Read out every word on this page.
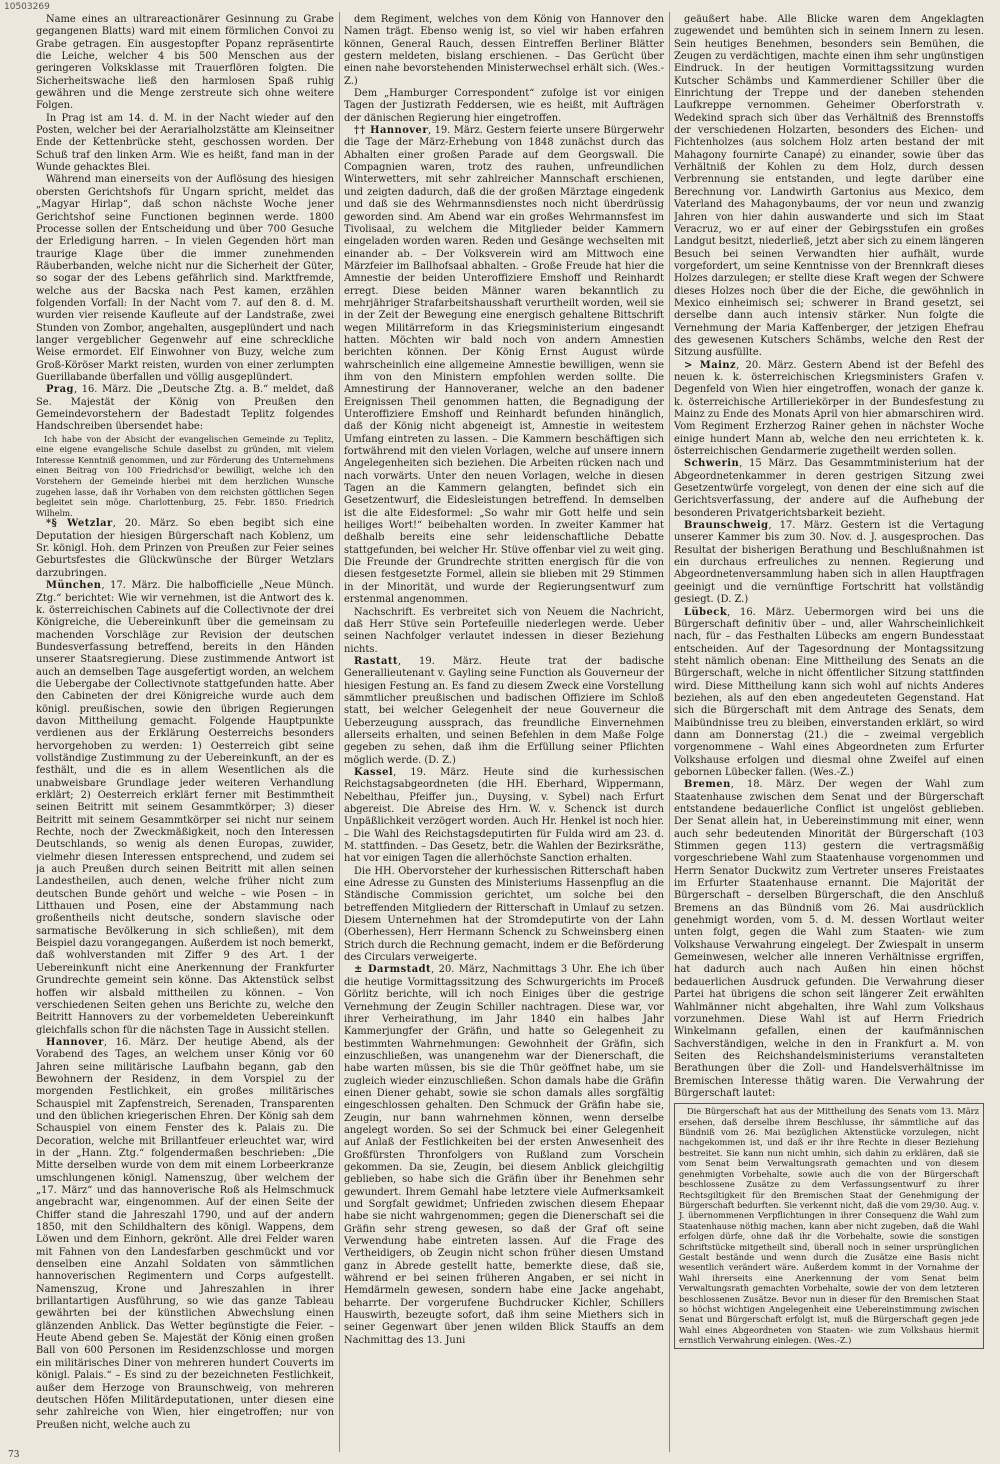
10503269

Name eines an ultrareactionärer Gesinnung zu Grabe gegangenen Blatts) ward mit einem förmlichen Convoi zu Grabe getragen. Ein ausgestopfter Popanz repräsentirte die Leiche, welcher 4 bis 500 Menschen aus der geringeren Volksklasse mit Trauerflören folgten. Die Sicherheitswache ließ den harmlosen Spaß ruhig gewähren und die Menge zerstreute sich ohne weitere Folgen.

In Prag ist am 14. d. M. in der Nacht wieder auf den Posten, welcher bei der Aerarialholzstätte am Kleinseitner Ende der Kettenbrücke steht, geschossen worden. Der Schuß traf den linken Arm. Wie es heißt, fand man in der Wunde gehacktes Blei.

Während man einerseits von der Auflösung des hiesigen obersten Gerichtshofs für Ungarn spricht, meldet das „Magyar Hirlap“, daß schon nächste Woche jener Gerichtshof seine Functionen beginnen werde. 1800 Processe sollen der Entscheidung und über 700 Gesuche der Erledigung harren. – In vielen Gegenden hört man traurige Klage über die immer zunehmenden Räuberbanden, welche nicht nur die Sicherheit der Güter, so sogar der des Lebens gefährlich sind. Marktfremde, welche aus der Bacska nach Pest kamen, erzählen folgenden Vorfall: In der Nacht vom 7. auf den 8. d. M. wurden vier reisende Kaufleute auf der Landstraße, zwei Stunden von Zombor, angehalten, ausgeplündert und nach langer vergeblicher Gegenwehr auf eine schreckliche Weise ermordet. Elf Einwohner von Buzy, welche zum Groß-Köröser Markt reisten, wurden von einer zerlumpten Guerillabande überfallen und völlig ausgeplündert.

Prag, 16. März. Die „Deutsche Ztg. a. B.“ meldet, daß Se. Majestät der König von Preußen den Gemeindevorstehern der Badestadt Teplitz folgendes Handschreiben übersendet habe:

Ich habe von der Absicht der evangelischen Gemeinde zu Teplitz, eine eigene evangelische Schule daselbst zu gründen, mit vielem Interesse Kenntniß genommen, und zur Förderung des Unternehmens einen Beitrag von 100 Friedrichsd'or bewilligt, welche ich den Vorstehern der Gemeinde hierbei mit dem herzlichen Wunsche zugehen lasse, daß ihr Vorhaben von dem reichsten göttlichen Segen begleitet sein möge. Charlottenburg, 25. Febr. 1850. Friedrich Wilhelm.

*§ Wetzlar, 20. März. So eben begibt sich eine Deputation der hiesigen Bürgerschaft nach Koblenz, um Sr. königl. Hoh. dem Prinzen von Preußen zur Feier seines Geburtsfestes die Glückwünsche der Bürger Wetzlars darzubringen.

München, 17. März. Die halbofficielle „Neue Münch. Ztg.“ berichtet: Wie wir vernehmen, ist die Antwort des k. k. österreichischen Cabinets auf die Collectivnote der drei Königreiche, die Uebereinkunft über die gemeinsam zu machenden Vorschläge zur Revision der deutschen Bundesverfassung betreffend, bereits in den Händen unserer Staatsregierung. Diese zustimmende Antwort ist auch an demselben Tage ausgefertigt worden, an welchem die Uebergabe der Collectivnote stattgefunden hatte. Aber den Cabineten der drei Königreiche wurde auch dem königl. preußischen, sowie den übrigen Regierungen davon Mittheilung gemacht. Folgende Hauptpunkte verdienen aus der Erklärung Oesterreichs besonders hervorgehoben zu werden: 1) Oesterreich gibt seine vollständige Zustimmung zu der Uebereinkunft, an der es festhält, und die es in allem Wesentlichen als die unabweisbare Grundlage jeder weiteren Verhandlung erklärt; 2) Oesterreich erklärt ferner mit Bestimmtheit seinen Beitritt mit seinem Gesammtkörper; 3) dieser Beitritt mit seinem Gesammtkörper sei nicht nur seinem Rechte, noch der Zweckmäßigkeit, noch den Interessen Deutschlands, so wenig als denen Europas, zuwider, vielmehr diesen Interessen entsprechend, und zudem sei ja auch Preußen durch seinen Beitritt mit allen seinen Landestheilen, auch denen, welche früher nicht zum deutschen Bunde gehört und welche – wie Posen – in Litthauen und Posen, eine der Abstammung nach großentheils nicht deutsche, sondern slavische oder sarmatische Bevölkerung in sich schließen), mit dem Beispiel dazu vorangegangen. Außerdem ist noch bemerkt, daß wohlverstanden mit Ziffer 9 des Art. 1 der Uebereinkunft nicht eine Anerkennung der Frankfurter Grundrechte gemeint sein könne. Das Aktenstück selbst hoffen wir alsbald mittheilen zu können. – Von verschiedenen Seiten gehen uns Berichte zu, welche den Beitritt Hannovers zu der vorbemeldeten Uebereinkunft gleichfalls schon für die nächsten Tage in Aussicht stellen.

Hannover, 16. März. Der heutige Abend, als der Vorabend des Tages, an welchem unser König vor 60 Jahren seine militärische Laufbahn begann, gab den Bewohnern der Residenz, in dem Vorspiel zu der morgenden Festlichkeit, ein großes militärisches Schauspiel mit Zapfenstreich, Serenaden, Transparenten und den üblichen kriegerischen Ehren. Der König sah dem Schauspiel von einem Fenster des k. Palais zu. Die Decoration, welche mit Brillantfeuer erleuchtet war, wird in der „Hann. Ztg.“ folgendermaßen beschrieben: „Die Mitte derselben wurde von dem mit einem Lorbeerkranze umschlungenen königl. Namenszug, über welchem der „17. März“ und das hannoverische Roß als Helmschmuck angebracht war, eingenommen. Auf der einen Seite der Chiffer stand die Jahreszahl 1790, und auf der andern 1850, mit den Schildhaltern des königl. Wappens, dem Löwen und dem Einhorn, gekrönt. Alle drei Felder waren mit Fahnen von den Landesfarben geschmückt und vor denselben eine Anzahl Soldaten von sämmtlichen hannoverischen Regimentern und Corps aufgestellt. Namenszug, Krone und Jahreszahlen in ihrer brillantartigen Ausführung, so wie das ganze Tableau gewährten bei der künstlichen Abwechslung einen glänzenden Anblick. Das Wetter begünstigte die Feier. – Heute Abend geben Se. Majestät der König einen großen Ball von 600 Personen im Residenzschlosse und morgen ein militärisches Diner von mehreren hundert Couverts im königl. Palais.“ – Es sind zu der bezeichneten Festlichkeit, außer dem Herzoge von Braunschweig, von mehreren deutschen Höfen Militärdeputationen, unter diesen eine sehr zahlreiche von Wien, hier eingetroffen; nur von Preußen nicht, welche auch zu

dem Regiment, welches von dem König von Hannover den Namen trägt. Ebenso wenig ist, so viel wir haben erfahren können, General Rauch, dessen Eintreffen Berliner Blätter gestern meldeten, bislang erschienen. – Das Gerücht über einen nahe bevorstehenden Ministerwechsel erhält sich. (Wes.-Z.)

Dem „Hamburger Correspondent“ zufolge ist vor einigen Tagen der Justizrath Feddersen, wie es heißt, mit Aufträgen der dänischen Regierung hier eingetroffen.

†† Hannover, 19. März. Gestern feierte unsere Bürgerwehr die Tage der März-Erhebung von 1848 zunächst durch das Abhalten einer großen Parade auf dem Georgswall. Die Compagnien waren, trotz des rauhen, unfreundlichen Winterwetters, mit sehr zahlreicher Mannschaft erschienen, und zeigten dadurch, daß die der großen Märztage eingedenk und daß sie des Wehrmannsdienstes noch nicht überdrüssig geworden sind. Am Abend war ein großes Wehrmannsfest im Tivolisaal, zu welchem die Mitglieder beider Kammern eingeladen worden waren. Reden und Gesänge wechselten mit einander ab. – Der Volksverein wird am Mittwoch eine Märzfeier im Ballhofsaal abhalten. – Große Freude hat hier die Amnestie der beiden Unteroffiziere Emshoff und Reinhardt erregt. Diese beiden Männer waren bekanntlich zu mehrjähriger Strafarbeitshausshaft verurtheilt worden, weil sie in der Zeit der Bewegung eine energisch gehaltene Bittschrift wegen Militärreform in das Kriegsministerium eingesandt hatten. Möchten wir bald noch von andern Amnestien berichten können. Der König Ernst August würde wahrscheinlich eine allgemeine Amnestie bewilligen, wenn sie ihm von den Ministern empfohlen werden sollte. Die Amnestirung der Hannoveraner, welche an den badener Ereignissen Theil genommen hatten, die Begnadigung der Unteroffiziere Emshoff und Reinhardt befunden hinänglich, daß der König nicht abgeneigt ist, Amnestie in weitestem Umfang eintreten zu lassen. – Die Kammern beschäftigen sich fortwährend mit den vielen Vorlagen, welche auf unsere innern Angelegenheiten sich beziehen. Die Arbeiten rücken nach und nach vorwärts. Unter den neuen Vorlagen, welche in diesen Tagen an die Kammern gelangten, befindet sich ein Gesetzentwurf, die Eidesleistungen betreffend. In demselben ist die alte Eidesformel: „So wahr mir Gott helfe und sein heiliges Wort!“ beibehalten worden. In zweiter Kammer hat deßhalb bereits eine sehr leidenschaftliche Debatte stattgefunden, bei welcher Hr. Stüve offenbar viel zu weit ging. Die Freunde der Grundrechte stritten energisch für die von diesen festgesetzte Formel, allein sie blieben mit 29 Stimmen in der Minorität, und wurde der Regierungsentwurf zum erstenmal angenommen.

Nachschrift. Es verbreitet sich von Neuem die Nachricht, daß Herr Stüve sein Portefeuille niederlegen werde. Ueber seinen Nachfolger verlautet indessen in dieser Beziehung nichts.

Rastatt, 19. März. Heute trat der badische Generallieutenant v. Gayling seine Function als Gouverneur der hiesigen Festung an. Es fand zu diesem Zweck eine Vorstellung sämmtlicher preußischen und badischen Offiziere im Schloß statt, bei welcher Gelegenheit der neue Gouverneur die Ueberzeugung aussprach, das freundliche Einvernehmen allerseits erhalten, und seinen Befehlen in dem Maße Folge gegeben zu sehen, daß ihm die Erfüllung seiner Pflichten möglich werde. (D. Z.)

Kassel, 19. März. Heute sind die kurhessischen Reichstagsabgeordneten (die HH. Eberhard, Wippermann, Nebelthau, Pfeiffer jun., Duysing, v. Sybel) nach Erfurt abgereist. Die Abreise des Hrn. W. v. Schenck ist durch Unpäßlichkeit verzögert worden. Auch Hr. Henkel ist noch hier. – Die Wahl des Reichstagsdeputirten für Fulda wird am 23. d. M. stattfinden. – Das Gesetz, betr. die Wahlen der Bezirksräthe, hat vor einigen Tagen die allerhöchste Sanction erhalten.

Die HH. Obervorsteher der kurhessischen Ritterschaft haben eine Adresse zu Gunsten des Ministeriums Hassenpflug an die Ständische Commission gerichtet, um solche bei den betreffenden Mitgliedern der Ritterschaft in Umlauf zu setzen. Diesem Unternehmen hat der Stromdeputirte von der Lahn (Oberhessen), Herr Hermann Schenck zu Schweinsberg einen Strich durch die Rechnung gemacht, indem er die Beförderung des Circulars verweigerte.

± Darmstadt, 20. März, Nachmittags 3 Uhr. Ehe ich über die heutige Vormittagssitzung des Schwurgerichts im Proceß Görlitz berichte, will ich noch Einiges über die gestrige Vernehmung der Zeugin Schiller nachtragen. Diese war, vor ihrer Verheirathung, im Jahr 1840 ein halbes Jahr Kammerjungfer der Gräfin, und hatte so Gelegenheit zu bestimmten Wahrnehmungen: Gewohnheit der Gräfin, sich einzuschließen, was unangenehm war der Dienerschaft, die habe warten müssen, bis sie die Thür geöffnet habe, um sie zugleich wieder einzuschließen. Schon damals habe die Gräfin einen Diener gehabt, sowie sie schon damals alles sorgfältig eingeschlossen gehalten. Den Schmuck der Gräfin habe sie, Zeugin, nur bann wahrnehmen können, wenn derselbe angelegt worden. So sei der Schmuck bei einer Gelegenheit auf Anlaß der Festlichkeiten bei der ersten Anwesenheit des Großfürsten Thronfolgers von Rußland zum Vorschein gekommen. Da sie, Zeugin, bei diesem Anblick gleichgiltig geblieben, so habe sich die Gräfin über ihr Benehmen sehr gewundert. Ihrem Gemahl habe letztere viele Aufmerksamkeit und Sorgfalt gewidmet; Unfrieden zwischen diesem Ehepaar habe sie nicht wahrgenommen; gegen die Dienerschaft sei die Gräfin sehr streng gewesen, so daß der Graf oft seine Verwendung habe eintreten lassen. Auf die Frage des Vertheidigers, ob Zeugin nicht schon früher diesen Umstand ganz in Abrede gestellt hatte, bemerkte diese, daß sie, während er bei seinen früheren Angaben, er sei nicht in Hemdärmeln gewesen, sondern habe eine Jacke angehabt, beharrte. Der vorgerufene Buchdrucker Kichler, Schillers Hauswirth, bezeugte sofort, daß ihm seine Miethers sich in seiner Gegenwart über jenen wilden Blick Stauffs an dem Nachmittag des 13. Juni

geäußert habe. Alle Blicke waren dem Angeklagten zugewendet und bemühten sich in seinem Innern zu lesen. Sein heutiges Benehmen, besonders sein Bemühen, die Zeugen zu verdächtigen, machte einen ihm sehr ungünstigen Eindruck. In der heutigen Vormittagssitzung wurden Kutscher Schämbs und Kammerdiener Schiller über die Einrichtung der Treppe und der daneben stehenden Laufkreppe vernommen. Geheimer Oberforstrath v. Wedekind sprach sich über das Verhältniß des Brennstoffs der verschiedenen Holzarten, besonders des Eichen- und Fichtenholzes (aus solchem Holz arten bestand der mit Mahagony fournirte Canapé) zu einander, sowie über das Verhältniß der Kohlen zu dem Holz, durch dessen Verbrennung sie entstanden, und legte darüber eine Berechnung vor. Landwirth Gartonius aus Mexico, dem Vaterland des Mahagonybaums, der vor neun und zwanzig Jahren von hier dahin auswanderte und sich im Staat Veracruz, wo er auf einer der Gebirgsstufen ein großes Landgut besitzt, niederließ, jetzt aber sich zu einem längeren Besuch bei seinen Verwandten hier aufhält, wurde vorgefordert, um seine Kenntnisse von der Brennkraft dieses Holzes darzulegen; er stellte diese Kraft wegen der Schwere dieses Holzes noch über die der Eiche, die gewöhnlich in Mexico einheimisch sei; schwerer in Brand gesetzt, sei derselbe dann auch intensiv stärker. Nun folgte die Vernehmung der Maria Kaffenberger, der jetzigen Ehefrau des gewesenen Kutschers Schämbs, welche den Rest der Sitzung ausfüllte.

> Mainz, 20. März. Gestern Abend ist der Befehl des neuen k. k. österreichischen Kriegsministers Grafen v. Degenfeld von Wien hier eingetroffen, wonach der ganze k. k. österreichische Artilleriekörper in der Bundesfestung zu Mainz zu Ende des Monats April von hier abmarschiren wird. Vom Regiment Erzherzog Rainer gehen in nächster Woche einige hundert Mann ab, welche den neu errichteten k. k. österreichischen Gendarmerie zugetheilt werden sollen.

Schwerin, 15 März. Das Gesammtministerium hat der Abgeordnetenkammer in deren gestrigen Sitzung zwei Gesetzentwürfe vorgelegt, von denen der eine sich auf die Gerichtsverfassung, der andere auf die Aufhebung der besonderen Privatgerichtsbarkeit bezieht.

Braunschweig, 17. März. Gestern ist die Vertagung unserer Kammer bis zum 30. Nov. d. J. ausgesprochen. Das Resultat der bisherigen Berathung und Beschlußnahmen ist ein durchaus erfreuliches zu nennen. Regierung und Abgeordnetenversammlung haben sich in allen Hauptfragen geeinigt und die vernünftige Fortschritt hat vollständig gesiegt. (D. Z.)

Lübeck, 16. März. Uebermorgen wird bei uns die Bürgerschaft definitiv über – und, aller Wahrscheinlichkeit nach, für – das Festhalten Lübecks am engern Bundesstaat entscheiden. Auf der Tagesordnung der Montagssitzung steht nämlich obenan: Eine Mittheilung des Senats an die Bürgerschaft, welche in nicht öffentlicher Sitzung stattfinden wird. Diese Mittheilung kann sich wohl auf nichts Anderes beziehen, als auf den eben angedeuteten Gegenstand. Hat sich die Bürgerschaft mit dem Antrage des Senats, dem Maibündnisse treu zu bleiben, einverstanden erklärt, so wird dann am Donnerstag (21.) die – zweimal vergeblich vorgenommene – Wahl eines Abgeordneten zum Erfurter Volkshause erfolgen und diesmal ohne Zweifel auf einen gebornen Lübecker fallen. (Wes.-Z.)

Bremen, 18. März. Der wegen der Wahl zum Staatenhause zwischen dem Senat und der Bürgerschaft entstandene bedauerliche Conflict ist ungelöst geblieben. Der Senat allein hat, in Uebereinstimmung mit einer, wenn auch sehr bedeutenden Minorität der Bürgerschaft (103 Stimmen gegen 113) gestern die vertragsmäßig vorgeschriebene Wahl zum Staatenhause vorgenommen und Herrn Senator Duckwitz zum Vertreter unseres Freistaates im Erfurter Staatenhause ernannt. Die Majorität der Bürgerschaft – derselben Bürgerschaft, die den Anschluß Bremens an das Bündniß vom 26. Mai ausdrücklich genehmigt worden, vom 5. d. M. dessen Wortlaut weiter unten folgt, gegen die Wahl zum Staaten- wie zum Volkshause Verwahrung eingelegt. Der Zwiespalt in unserm Gemeinwesen, welcher alle inneren Verhältnisse ergriffen, hat dadurch auch nach Außen hin einen höchst bedauerlichen Ausdruck gefunden. Die Verwahrung dieser Partei hat übrigens die schon seit längerer Zeit erwählten Wahlmänner nicht abgehalten, ihre Wahl zum Volkshaus vorzunehmen. Diese Wahl ist auf Herrn Friedrich Winkelmann gefallen, einen der kaufmännischen Sachverständigen, welche in den in Frankfurt a. M. von Seiten des Reichshandelsministeriums veranstalteten Berathungen über die Zoll- und Handelsverhältnisse im Bremischen Interesse thätig waren. Die Verwahrung der Bürgerschaft lautet:

Die Bürgerschaft hat aus der Mittheilung des Senats vom 13. März ersehen, daß derselbe ihrem Beschlusse, ihr sämmtliche auf das Bündniß vom 26. Mai bezüglichen Aktenstücke vorzulegen, nicht nachgekommen ist, und daß er ihr ihre Rechte in dieser Beziehung bestreitet. Sie kann nun nicht umhin, sich dahin zu erklären, daß sie vom Senat beim Verwaltungsrath gemachten und von diesem genehmigten Vorbehalte, sowie auch die von der Bürgerschaft beschlossene Zusätze zu dem Verfassungsentwurf zu ihrer Rechtsgiltigkeit für den Bremischen Staat der Genehmigung der Bürgerschaft bedurften. Sie verkennt nicht, daß die vom 29/30. Aug. v. J. übernommenen Verpflichtungen in ihrer Consequenz die Wahl zum Staatenhause nöthig machen, kann aber nicht zugeben, daß die Wahl erfolgen dürfe, ohne daß ihr die Vorbehalte, sowie die sonstigen Schriftstücke mitgetheilt sind, überall noch in seiner ursprünglichen Gestalt bestände und wenn durch die Zusätze eine Basis nicht wesentlich verändert wäre. Außerdem kommt in der Vornahme der Wahl ihrerseits eine Anerkennung der vom Senat beim Verwaltungsrath gemachten Vorbehalte, sowie der von dem letzteren beschlossenen Zusätze. Bevor nun in dieser für den Bremischen Staat so höchst wichtigen Angelegenheit eine Uebereinstimmung zwischen Senat und Bürgerschaft erfolgt ist, muß die Bürgerschaft gegen jede Wahl eines Abgeordneten von Staaten- wie zum Volkshaus hiermit ernstlich Verwahrung einlegen. (Wes.-Z.)
73
